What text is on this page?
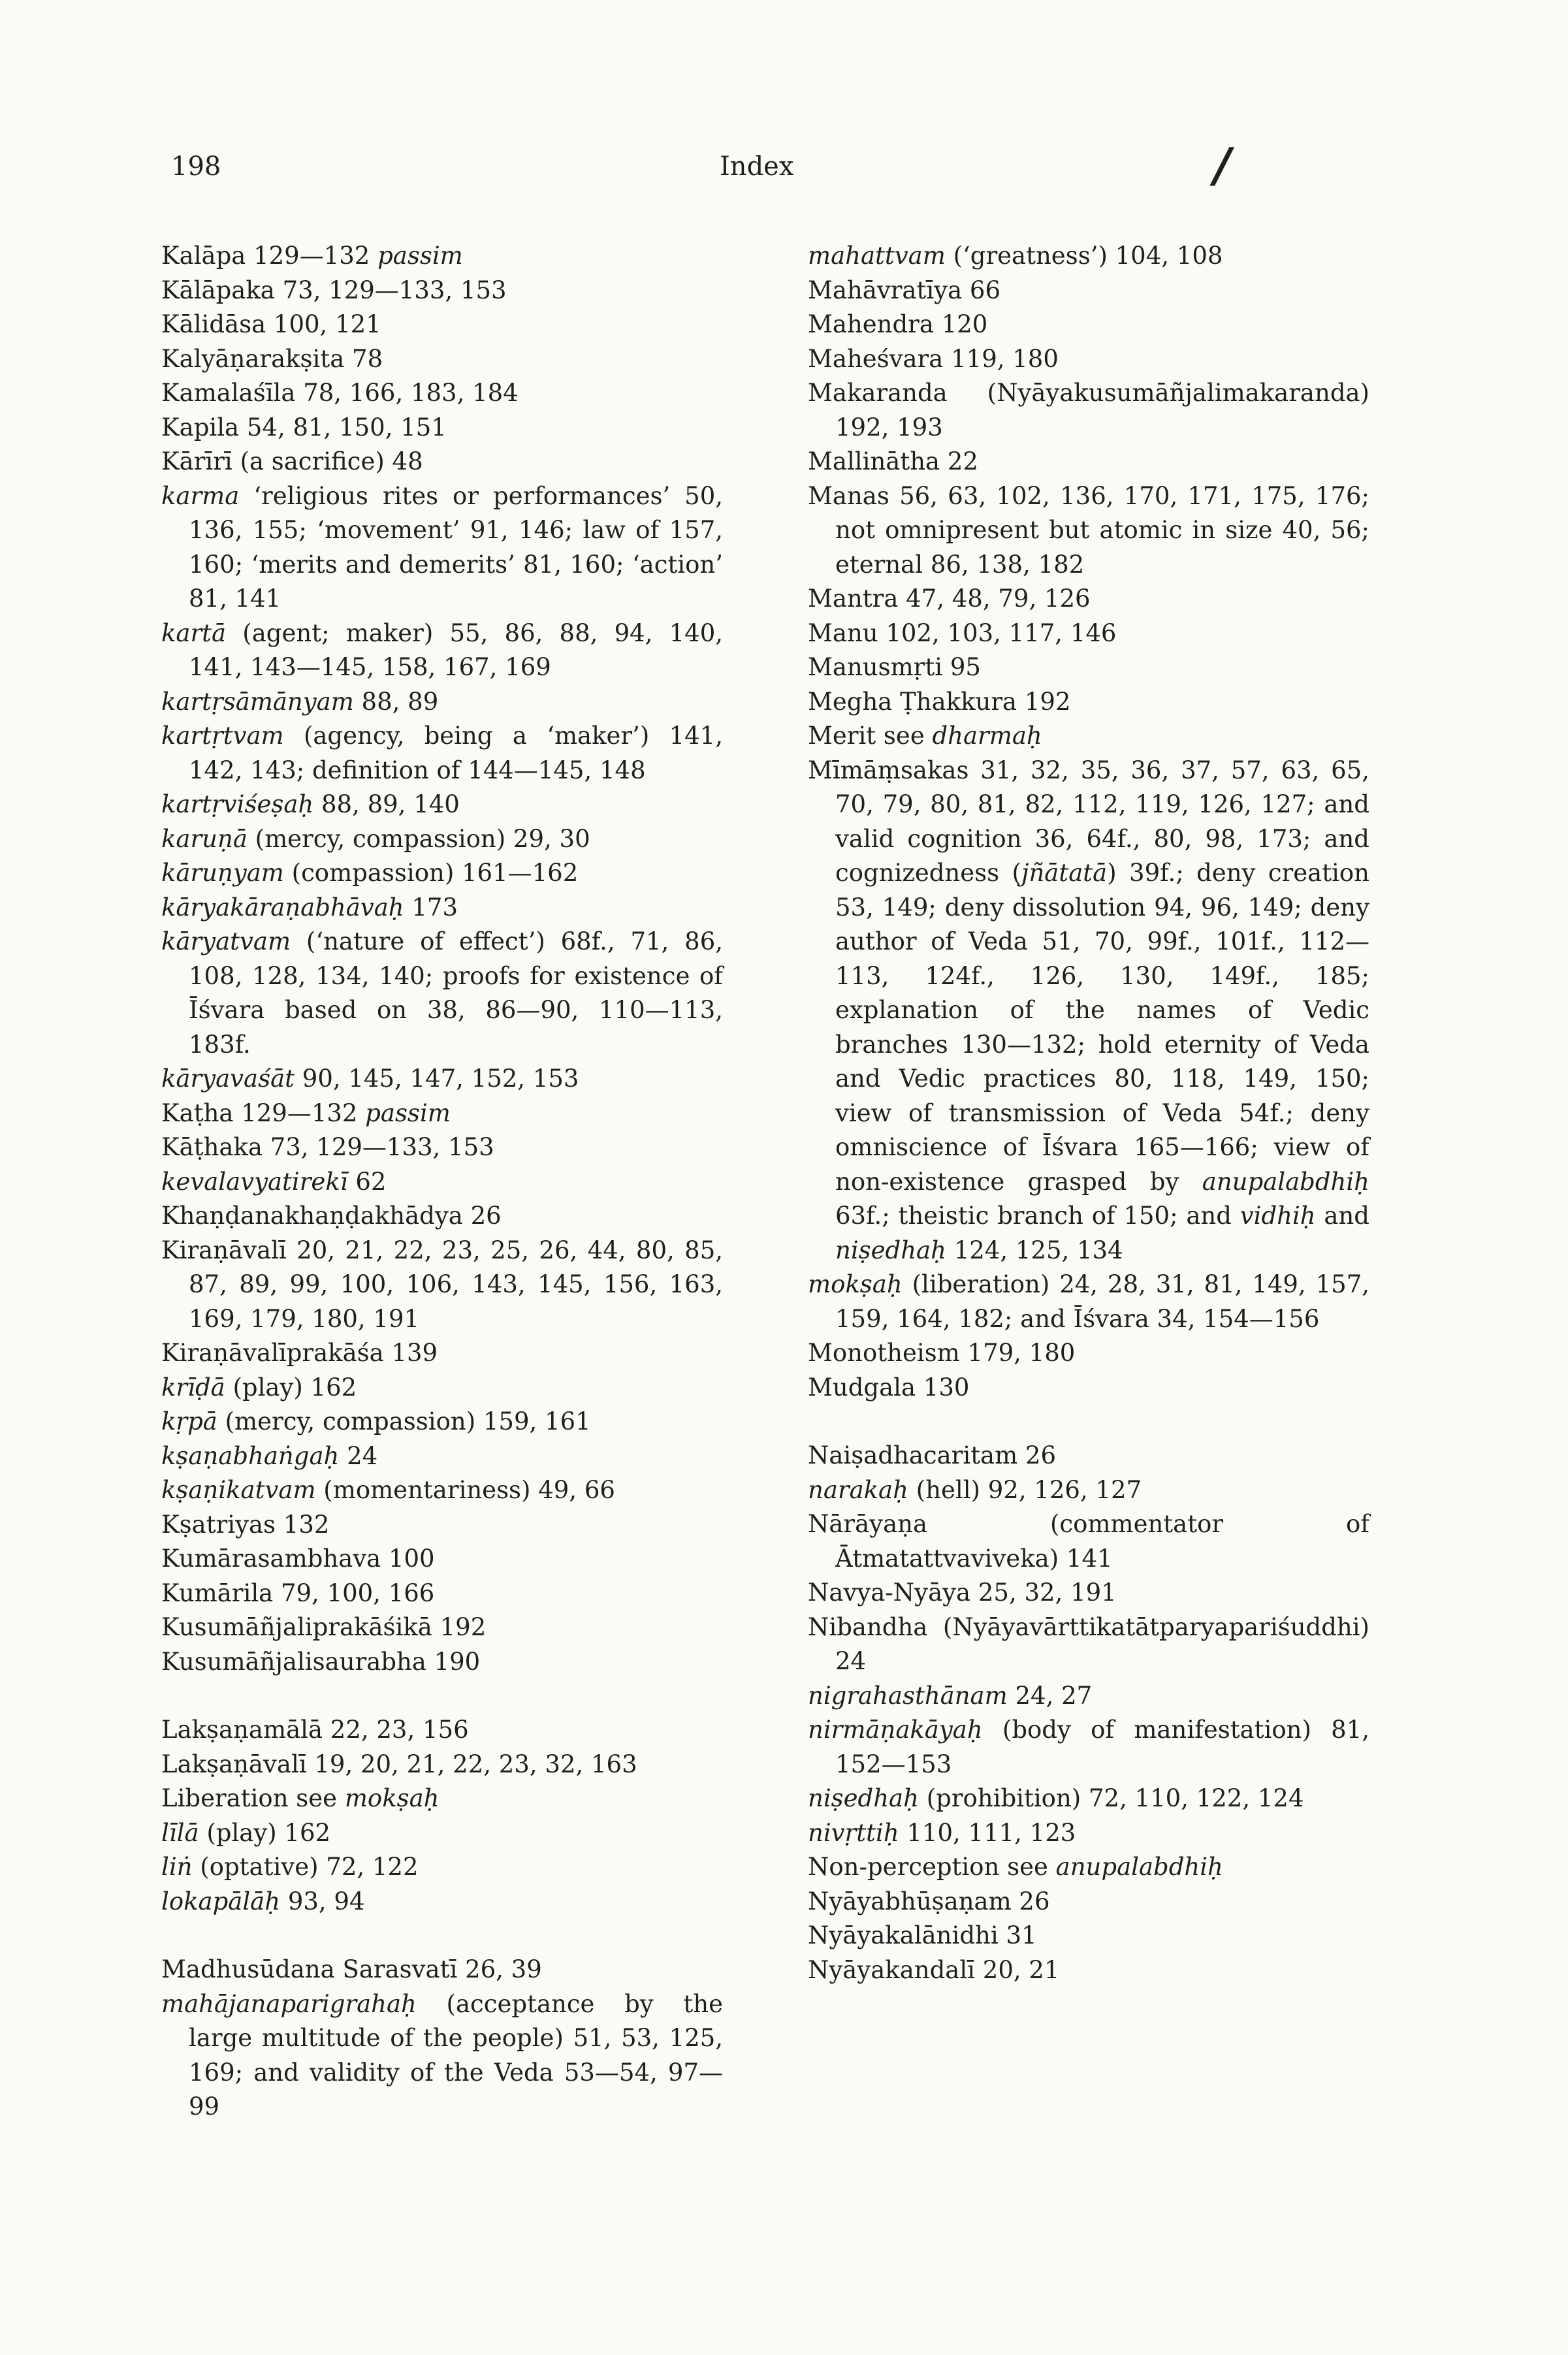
198	Index	/
Kalāpa 129—132 passim
Kālāpaka 73, 129—133, 153
Kālidāsa 100, 121
Kalyāṇarakṣita 78
Kamalaśīla 78, 166, 183, 184
Kapila 54, 81, 150, 151
Kārīrī (a sacrifice) 48
karma ‘religious rites or performances’ 50, 136, 155; ‘movement’ 91, 146; law of 157, 160; ‘merits and demerits’ 81, 160; ‘action’ 81, 141
kartā (agent; maker) 55, 86, 88, 94, 140, 141, 143—145, 158, 167, 169
kartṛsāmānyam 88, 89
kartṛtvam (agency, being a ‘maker’) 141, 142, 143; definition of 144—145, 148
kartṛviśeṣaḥ 88, 89, 140
karuṇā (mercy, compassion) 29, 30
kāruṇyam (compassion) 161—162
kāryakāraṇabhāvaḥ 173
kāryatvam (‘nature of effect’) 68f., 71, 86, 108, 128, 134, 140; proofs for existence of Īśvara based on 38, 86—90, 110—113, 183f.
kāryavaśāt 90, 145, 147, 152, 153
Kaṭha 129—132 passim
Kāṭhaka 73, 129—133, 153
kevalavyatirekī 62
Khaṇḍanakhaṇḍakhādya 26
Kiraṇāvalī 20, 21, 22, 23, 25, 26, 44, 80, 85, 87, 89, 99, 100, 106, 143, 145, 156, 163, 169, 179, 180, 191
Kiraṇāvalīprakāśa 139
krīḍā (play) 162
kṛpā (mercy, compassion) 159, 161
kṣaṇabhaṅgaḥ 24
kṣaṇikatvam (momentariness) 49, 66
Kṣatriyas 132
Kumārasambhava 100
Kumārila 79, 100, 166
Kusumāñjaliprakāśikā 192
Kusumāñjalisaurabha 190
Lakṣaṇamālā 22, 23, 156
Lakṣaṇāvalī 19, 20, 21, 22, 23, 32, 163
Liberation see mokṣaḥ
līlā (play) 162
liṅ (optative) 72, 122
lokapālāḥ 93, 94
Madhusūdana Sarasvatī 26, 39
mahājanaparigrahaḥ (acceptance by the large multitude of the people) 51, 53, 125, 169; and validity of the Veda 53—54, 97—99
mahattvam (‘greatness’) 104, 108
Mahāvratīya 66
Mahendra 120
Maheśvara 119, 180
Makaranda (Nyāyakusumāñjalimakaranda) 192, 193
Mallinātha 22
Manas 56, 63, 102, 136, 170, 171, 175, 176; not omnipresent but atomic in size 40, 56; eternal 86, 138, 182
Mantra 47, 48, 79, 126
Manu 102, 103, 117, 146
Manusmṛti 95
Megha Ṭhakkura 192
Merit see dharmaḥ
Mīmāṃsakas 31, 32, 35, 36, 37, 57, 63, 65, 70, 79, 80, 81, 82, 112, 119, 126, 127; and valid cognition 36, 64f., 80, 98, 173; and cognizedness (jñātatā) 39f.; deny creation 53, 149; deny dissolution 94, 96, 149; deny author of Veda 51, 70, 99f., 101f., 112—113, 124f., 126, 130, 149f., 185; explanation of the names of Vedic branches 130—132; hold eternity of Veda and Vedic practices 80, 118, 149, 150; view of transmission of Veda 54f.; deny omniscience of Īśvara 165—166; view of non-existence grasped by anupalabdhiḥ 63f.; theistic branch of 150; and vidhiḥ and niṣedhaḥ 124, 125, 134
mokṣaḥ (liberation) 24, 28, 31, 81, 149, 157, 159, 164, 182; and Īśvara 34, 154—156
Monotheism 179, 180
Mudgala 130
Naiṣadhacaritam 26
narakaḥ (hell) 92, 126, 127
Nārāyaṇa (commentator of Ātmatattvaviveka) 141
Navya-Nyāya 25, 32, 191
Nibandha (Nyāyavārttikatātparyapariśuddhi) 24
nigrahasthānam 24, 27
nirmāṇakāyaḥ (body of manifestation) 81, 152—153
niṣedhaḥ (prohibition) 72, 110, 122, 124
nivṛttiḥ 110, 111, 123
Non-perception see anupalabdhiḥ
Nyāyabhūṣaṇam 26
Nyāyakalānidhi 31
Nyāyakandalī 20, 21
